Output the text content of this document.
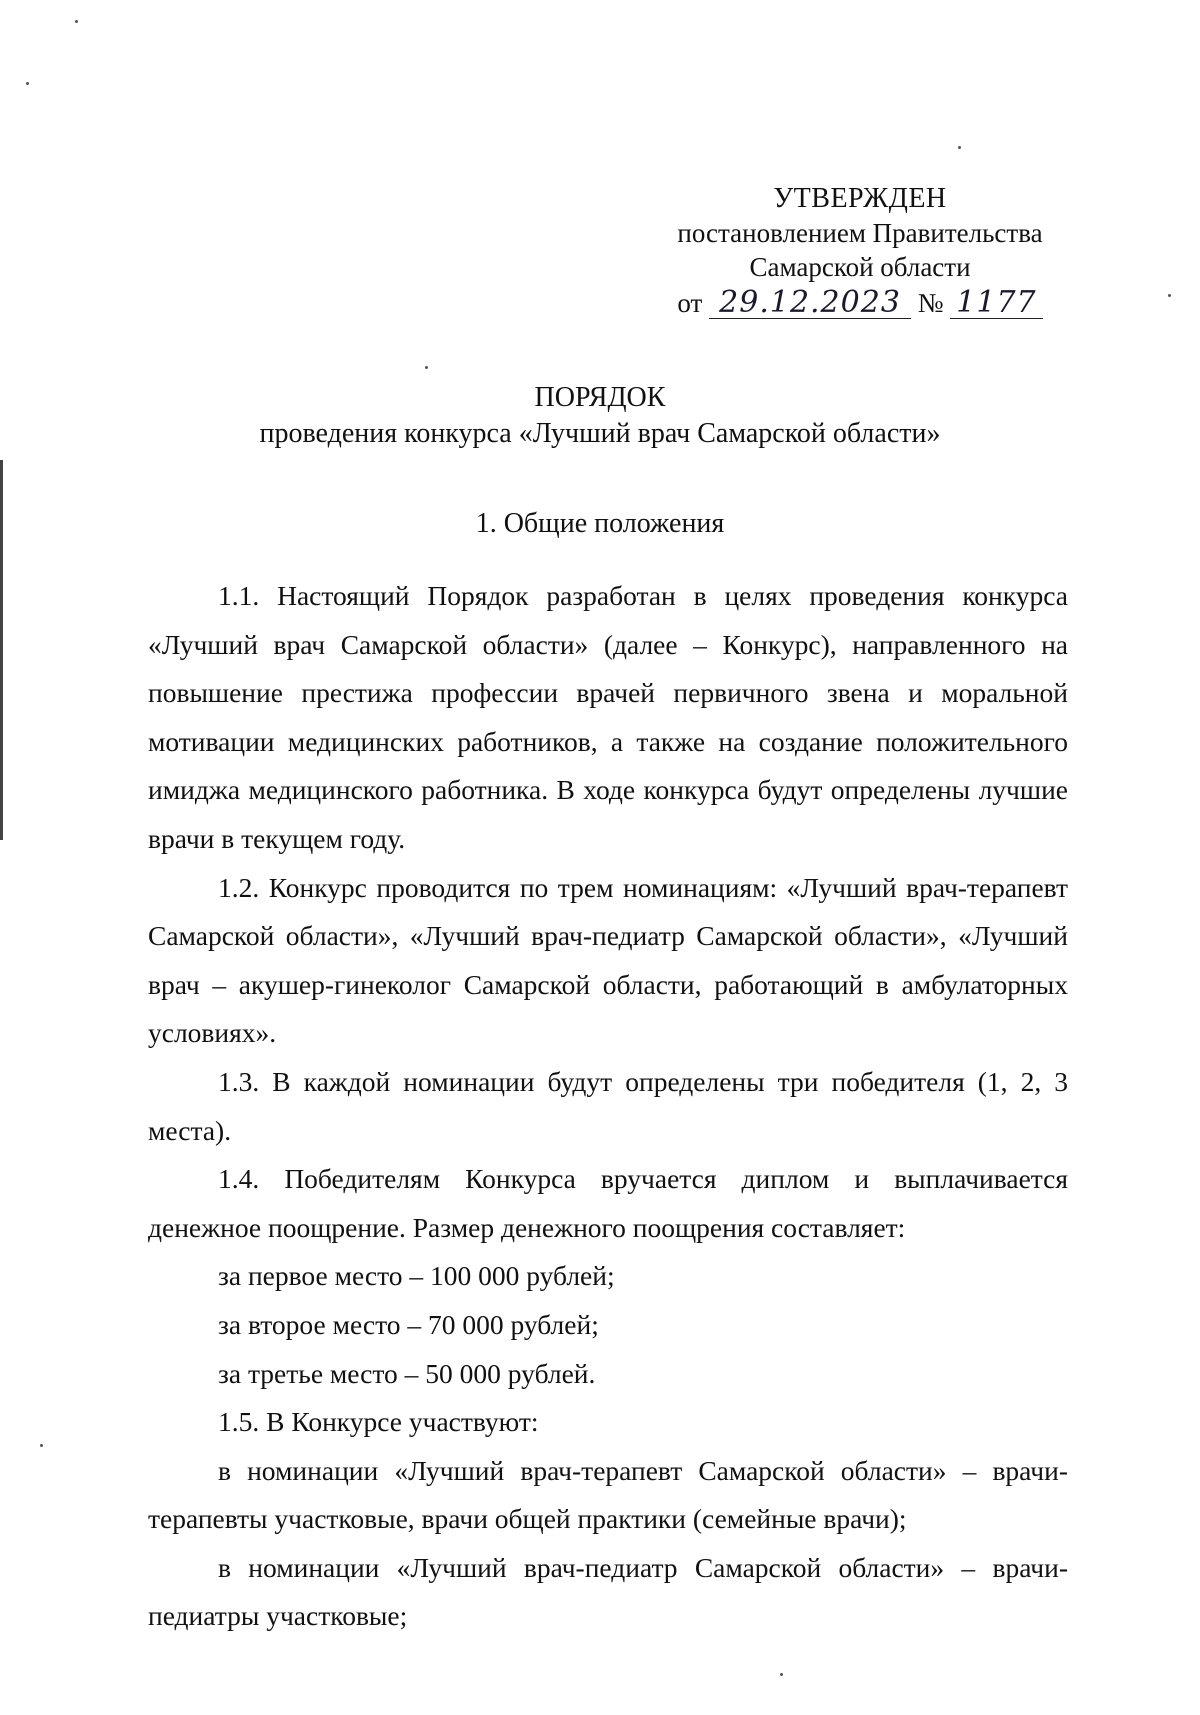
УТВЕРЖДЕН
постановлением Правительства
Самарской области
от 29.12.2023 № 1177
ПОРЯДОК
проведения конкурса «Лучший врач Самарской области»
1. Общие положения

1.1. Настоящий Порядок разработан в целях проведения конкурса «Лучший врач Самарской области» (далее – Конкурс), направленного на повышение престижа профессии врачей первичного звена и моральной мотивации медицинских работников, а также на создание положительного имиджа медицинского работника. В ходе конкурса будут определены лучшие врачи в текущем году.

1.2. Конкурс проводится по трем номинациям: «Лучший врач-терапевт Самарской области», «Лучший врач-педиатр Самарской области», «Лучший врач – акушер-гинеколог Самарской области, работающий в амбулаторных условиях».

1.3. В каждой номинации будут определены три победителя (1, 2, 3 места).

1.4. Победителям Конкурса вручается диплом и выплачивается денежное поощрение. Размер денежного поощрения составляет:

за первое место – 100 000 рублей;

за второе место – 70 000 рублей;

за третье место – 50 000 рублей.

1.5. В Конкурсе участвуют:

в номинации «Лучший врач-терапевт Самарской области» – врачи-терапевты участковые, врачи общей практики (семейные врачи);

в номинации «Лучший врач-педиатр Самарской области» – врачи-педиатры участковые;
